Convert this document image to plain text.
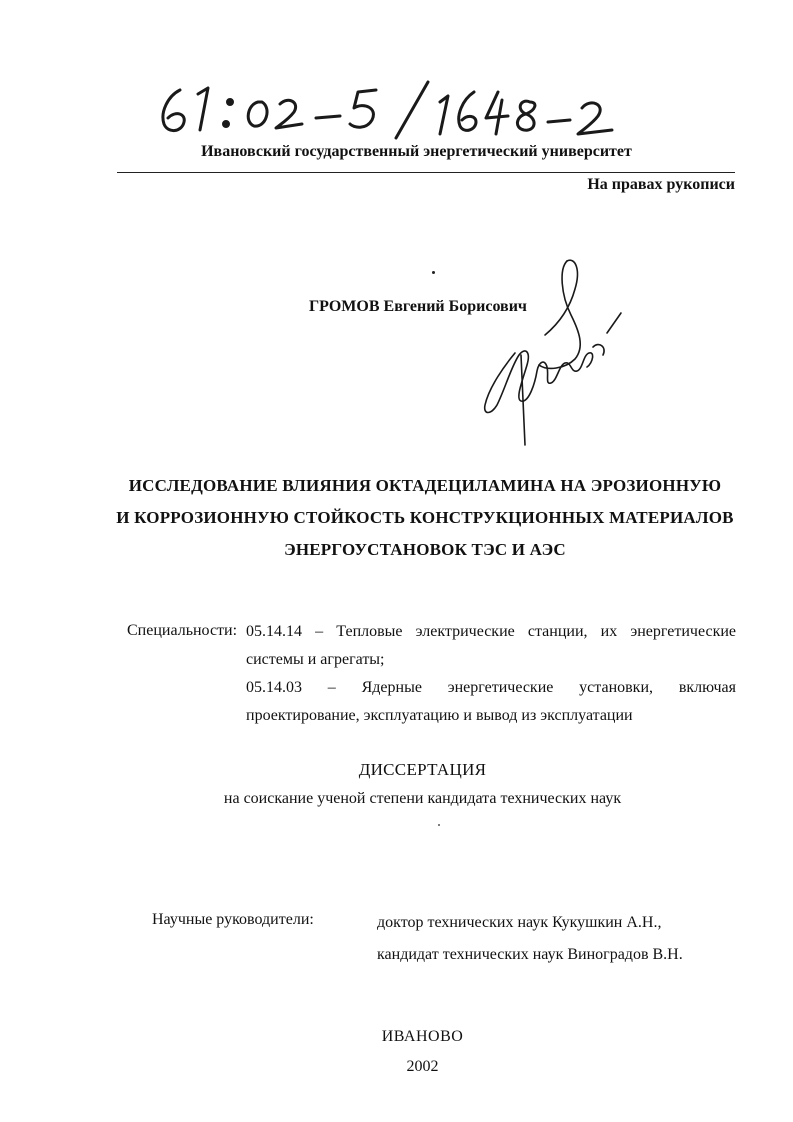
Ивановский государственный энергетический университет
На правах рукописи
ГРОМОВ Евгений Борисович
ИССЛЕДОВАНИЕ ВЛИЯНИЯ ОКТАДЕЦИЛАМИНА НА ЭРОЗИОННУЮ
И КОРРОЗИОННУЮ СТОЙКОСТЬ КОНСТРУКЦИОННЫХ МАТЕРИАЛОВ
ЭНЕРГОУСТАНОВОК ТЭС И АЭС
Специальности: 05.14.14 – Тепловые электрические станции, их энергетические
системы и агрегаты;
05.14.03 – Ядерные энергетические установки, включая
проектирование, эксплуатацию и вывод из эксплуатации
ДИССЕРТАЦИЯ
на соискание ученой степени кандидата технических наук
Научные руководители:	доктор технических наук Кукушкин А.Н.,
кандидат технических наук Виноградов В.Н.
ИВАНОВО
2002
